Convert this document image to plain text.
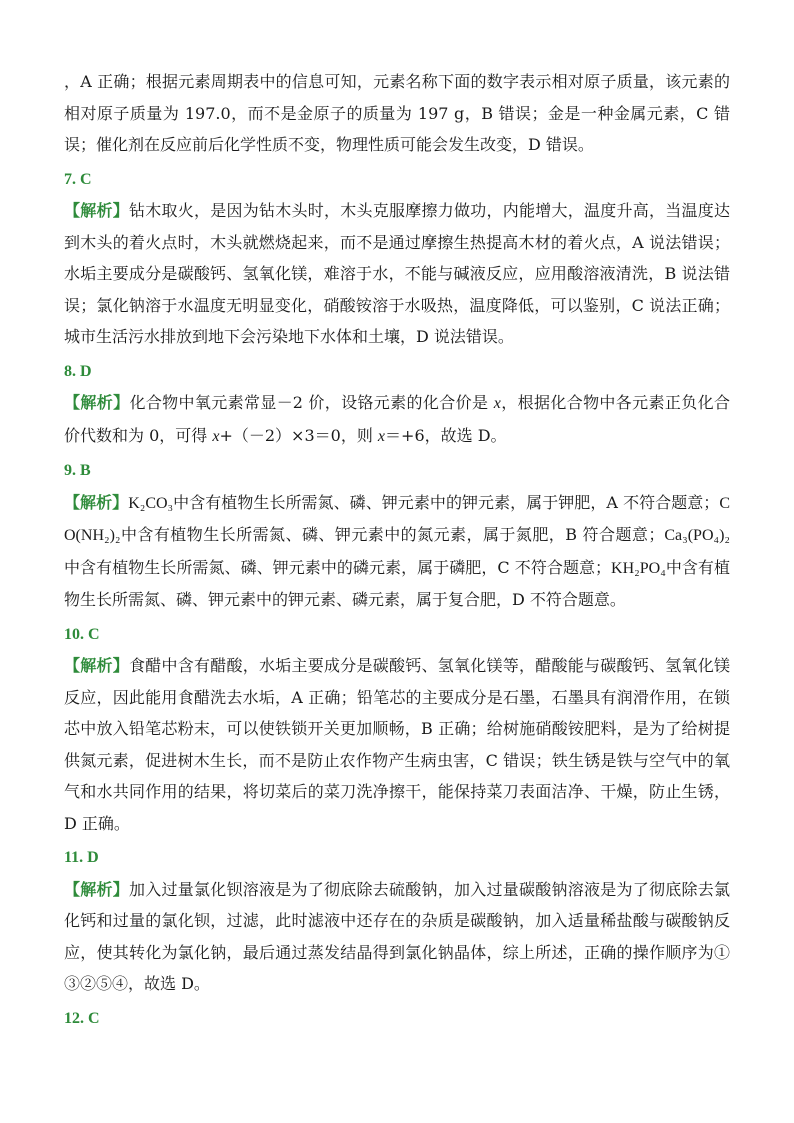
，A 正确；根据元素周期表中的信息可知，元素名称下面的数字表示相对原子质量，该元素的相对原子质量为 197.0，而不是金原子的质量为 197 g，B 错误；金是一种金属元素，C 错误；催化剂在反应前后化学性质不变，物理性质可能会发生改变，D 错误。

7. C

【解析】钻木取火，是因为钻木头时，木头克服摩擦力做功，内能增大，温度升高，当温度达到木头的着火点时，木头就燃烧起来，而不是通过摩擦生热提高木材的着火点，A 说法错误；水垢主要成分是碳酸钙、氢氧化镁，难溶于水，不能与碱液反应，应用酸溶液清洗，B 说法错误；氯化钠溶于水温度无明显变化，硝酸铵溶于水吸热，温度降低，可以鉴别，C 说法正确；城市生活污水排放到地下会污染地下水体和土壤，D 说法错误。

8. D

【解析】化合物中氧元素常显－2 价，设铬元素的化合价是 x，根据化合物中各元素正负化合价代数和为 0，可得 x+（－2）×3＝0，则 x＝+6，故选 D。

9. B

【解析】K₂CO₃中含有植物生长所需氮、磷、钾元素中的钾元素，属于钾肥，A 不符合题意；CO(NH₂)₂中含有植物生长所需氮、磷、钾元素中的氮元素，属于氮肥，B 符合题意；Ca₃(PO₄)₂中含有植物生长所需氮、磷、钾元素中的磷元素，属于磷肥，C 不符合题意；KH₂PO₄中含有植物生长所需氮、磷、钾元素中的钾元素、磷元素，属于复合肥，D 不符合题意。

10. C

【解析】食醋中含有醋酸，水垢主要成分是碳酸钙、氢氧化镁等，醋酸能与碳酸钙、氢氧化镁反应，因此能用食醋洗去水垢，A 正确；铅笔芯的主要成分是石墨，石墨具有润滑作用，在锁芯中放入铅笔芯粉末，可以使铁锁开关更加顺畅，B 正确；给树施硝酸铵肥料，是为了给树提供氮元素，促进树木生长，而不是防止农作物产生病虫害，C 错误；铁生锈是铁与空气中的氧气和水共同作用的结果，将切菜后的菜刀洗净擦干，能保持菜刀表面洁净、干燥，防止生锈，D 正确。

11. D

【解析】加入过量氯化钡溶液是为了彻底除去硫酸钠，加入过量碳酸钠溶液是为了彻底除去氯化钙和过量的氯化钡，过滤，此时滤液中还存在的杂质是碳酸钠，加入适量稀盐酸与碳酸钠反应，使其转化为氯化钠，最后通过蒸发结晶得到氯化钠晶体，综上所述，正确的操作顺序为①③②⑤④，故选 D。

12. C
